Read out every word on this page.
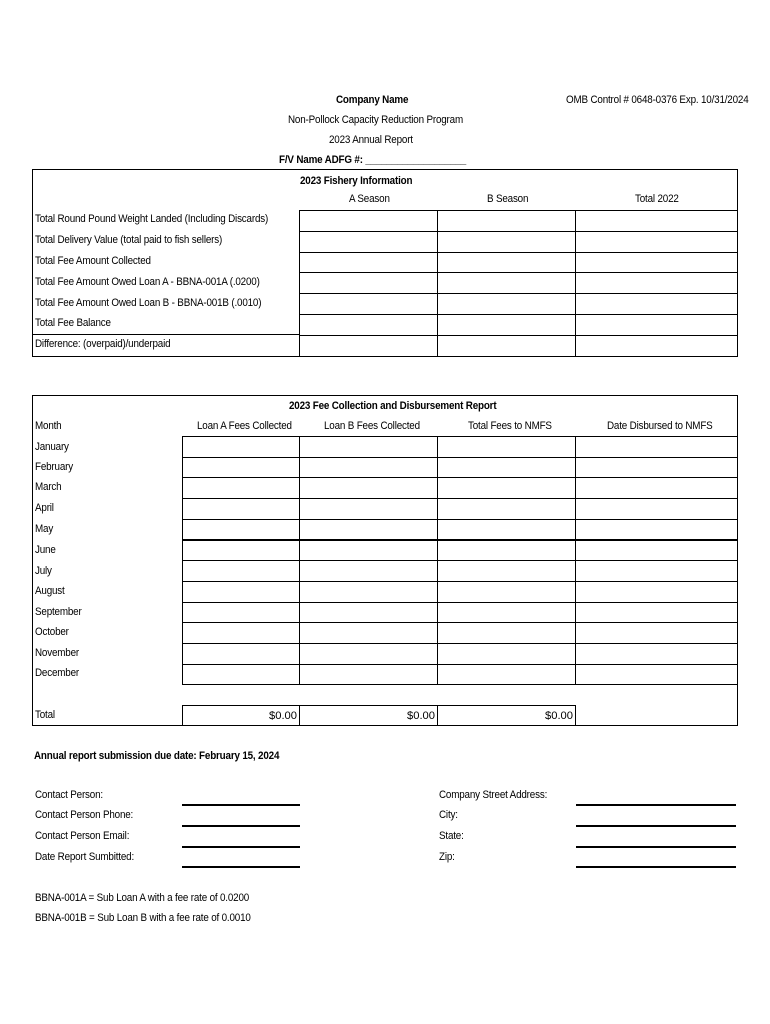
Company Name	OMB Control # 0648-0376 Exp. 10/31/2024
Non-Pollock Capacity Reduction Program
2023 Annual Report
F/V Name ADFG #: ___________________
2023 Fishery Information
A Season	B Season	Total 2022
Total Round Pound Weight Landed (Including Discards)
Total Delivery Value (total paid to fish sellers)
Total Fee Amount Collected
Total Fee Amount Owed Loan A - BBNA-001A (.0200)
Total Fee Amount Owed Loan B - BBNA-001B (.0010)
Total Fee Balance
Difference: (overpaid)/underpaid
2023 Fee Collection and Disbursement Report
Month	Loan A Fees Collected	Loan B Fees Collected	Total Fees to NMFS	Date Disbursed to NMFS
January
February
March
April
May
June
July
August
September
October
November
December
Total	$0.00	$0.00	$0.00
Annual report submission due date: February 15, 2024
Contact Person:
Contact Person Phone:
Contact Person Email:
Date Report Sumbitted:
Company Street Address:
City:
State:
Zip:
BBNA-001A = Sub Loan A with a fee rate of 0.0200
BBNA-001B = Sub Loan B with a fee rate of 0.0010
